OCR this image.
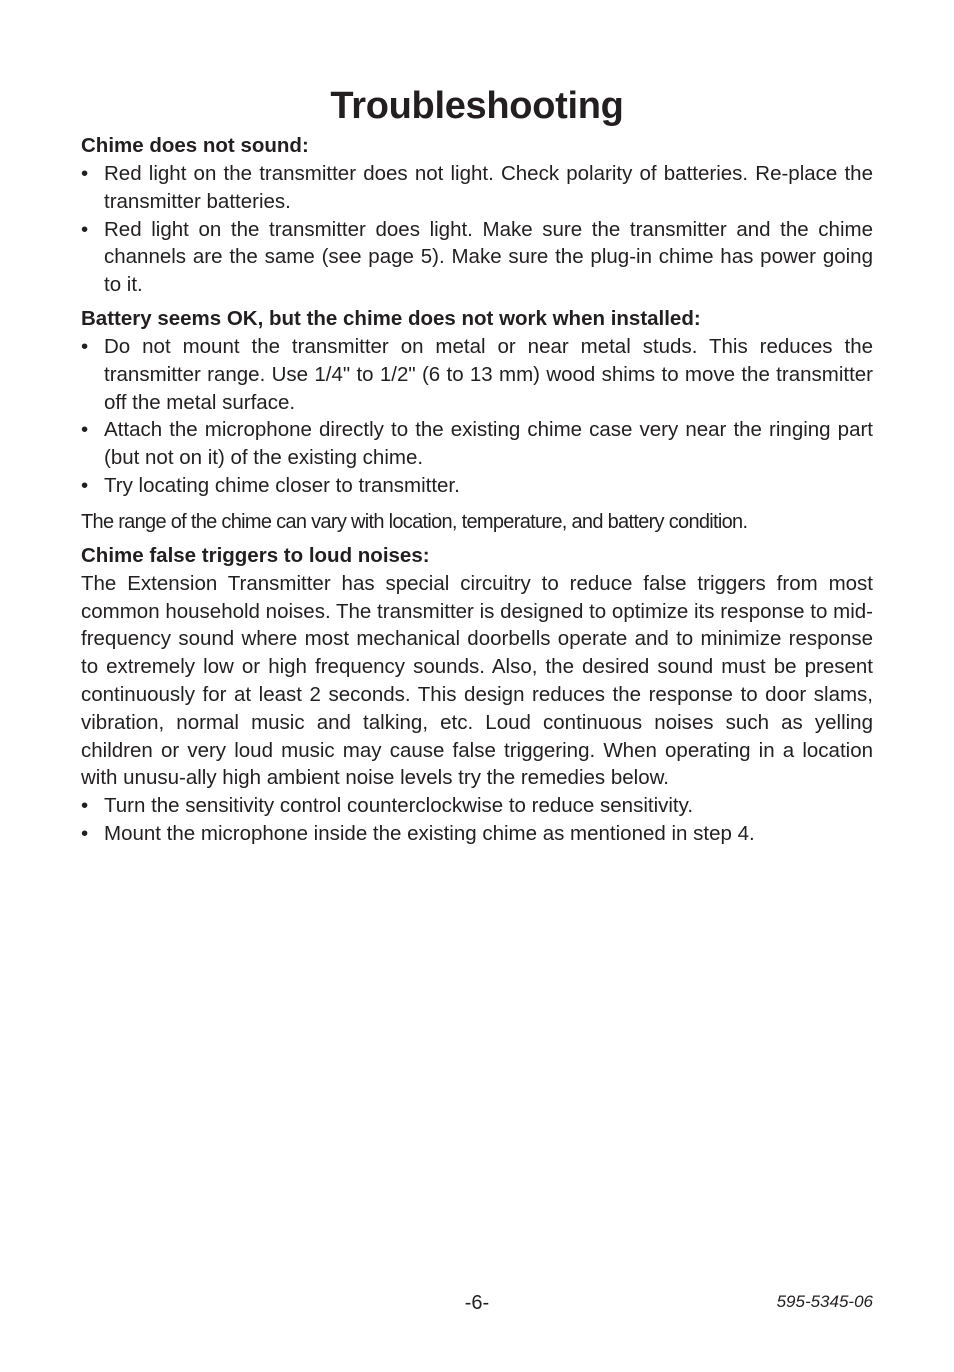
Troubleshooting
Chime does not sound:
• Red light on the transmitter does not light. Check polarity of batteries. Re-place the transmitter batteries.
• Red light on the transmitter does light. Make sure the transmitter and the chime channels are the same (see page 5). Make sure the plug-in chime has power going to it.
Battery seems OK, but the chime does not work when installed:
• Do not mount the transmitter on metal or near metal studs. This reduces the transmitter range. Use 1/4" to 1/2" (6 to 13 mm) wood shims to move the transmitter off the metal surface.
• Attach the microphone directly to the existing chime case very near the ringing part (but not on it) of the existing chime.
• Try locating chime closer to transmitter.

The range of the chime can vary with location, temperature, and battery condition.

Chime false triggers to loud noises:

The Extension Transmitter has special circuitry to reduce false triggers from most common household noises. The transmitter is designed to optimize its response to mid-frequency sound where most mechanical doorbells operate and to minimize response to extremely low or high frequency sounds. Also, the desired sound must be present continuously for at least 2 seconds. This design reduces the response to door slams, vibration, normal music and talking, etc. Loud continuous noises such as yelling children or very loud music may cause false triggering. When operating in a location with unusu-ally high ambient noise levels try the remedies below.

• Turn the sensitivity control counterclockwise to reduce sensitivity.
• Mount the microphone inside the existing chime as mentioned in step 4.
-6-	595-5345-06
